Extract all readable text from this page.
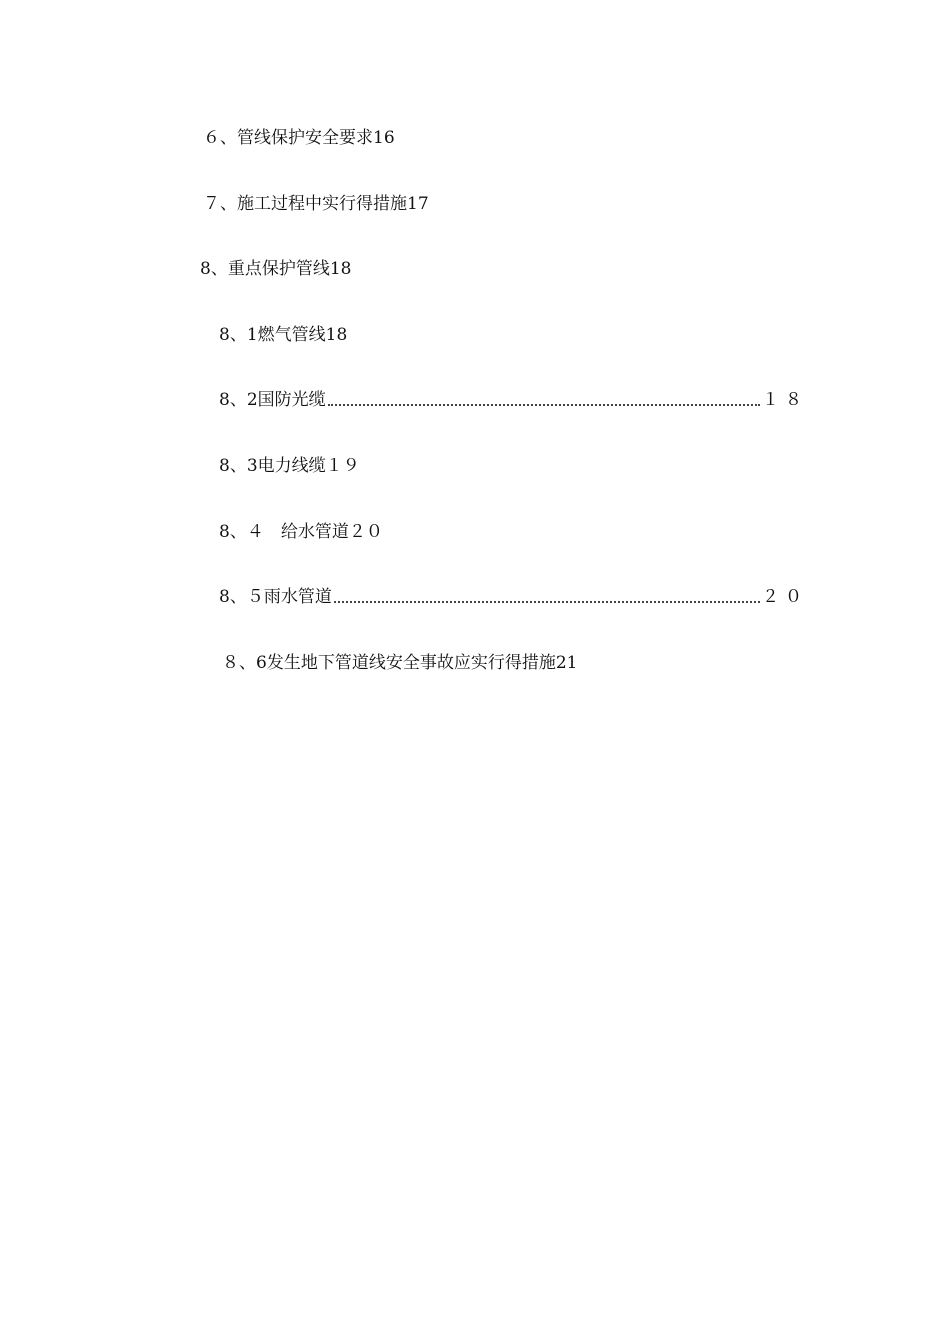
６、管线保护安全要求16
７、施工过程中实行得措施17
8、重点保护管线18
8、1燃气管线18
8、2国防光缆	１８
8、3电力线缆１９
8、４　给水管道２０
8、５雨水管道	２０
８、6发生地下管道线安全事故应实行得措施21
